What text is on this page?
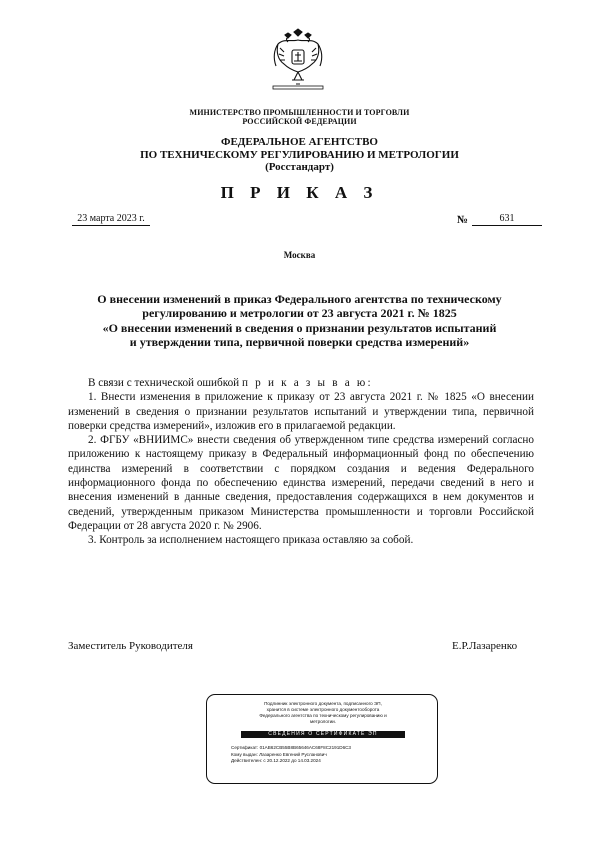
МИНИСТЕРСТВО ПРОМЫШЛЕННОСТИ И ТОРГОВЛИ
РОССИЙСКОЙ ФЕДЕРАЦИИ
ФЕДЕРАЛЬНОЕ АГЕНТСТВО
ПО ТЕХНИЧЕСКОМУ РЕГУЛИРОВАНИЮ И МЕТРОЛОГИИ
(Росстандарт)
П Р И К А З
23 марта 2023 г.	№	631
Москва
О внесении изменений в приказ Федерального агентства по техническому
регулированию и метрологии от 23 августа 2021 г. № 1825
«О внесении изменений в сведения о признании результатов испытаний
и утверждении типа, первичной поверки средства измерений»

В связи с технической ошибкой п р и к а з ы в а ю:

1. Внести изменения в приложение к приказу от 23 августа 2021 г. № 1825 «О внесении изменений в сведения о признании результатов испытаний и утверждении типа, первичной поверки средства измерений», изложив его в прилагаемой редакции.

2. ФГБУ «ВНИИМС» внести сведения об утвержденном типе средства измерений согласно приложению к настоящему приказу в Федеральный информационный фонд по обеспечению единства измерений в соответствии с порядком создания и ведения Федерального информационного фонда по обеспечению единства измерений, передачи сведений в него и внесения изменений в данные сведения, предоставления содержащихся в нем документов и сведений, утвержденным приказом Министерства промышленности и торговли Российской Федерации от 28 августа 2020 г. № 2906.

3. Контроль за исполнением настоящего приказа оставляю за собой.

Заместитель Руководителя	Е.Р.Лазаренко
Подлинник электронного документа, подписанного ЭП,
хранится в системе электронного документооборота
Федерального агентства по техническому регулированию и
метрологии.
СВЕДЕНИЯ О СЕРТИФИКАТЕ ЭП
Сертификат: 01AB62CB55B8B65646AC68F8C2191D6C3
Кому выдан: Лазаренко Евгений Русланович
Действителен: с 20.12.2022 до 14.03.2024
